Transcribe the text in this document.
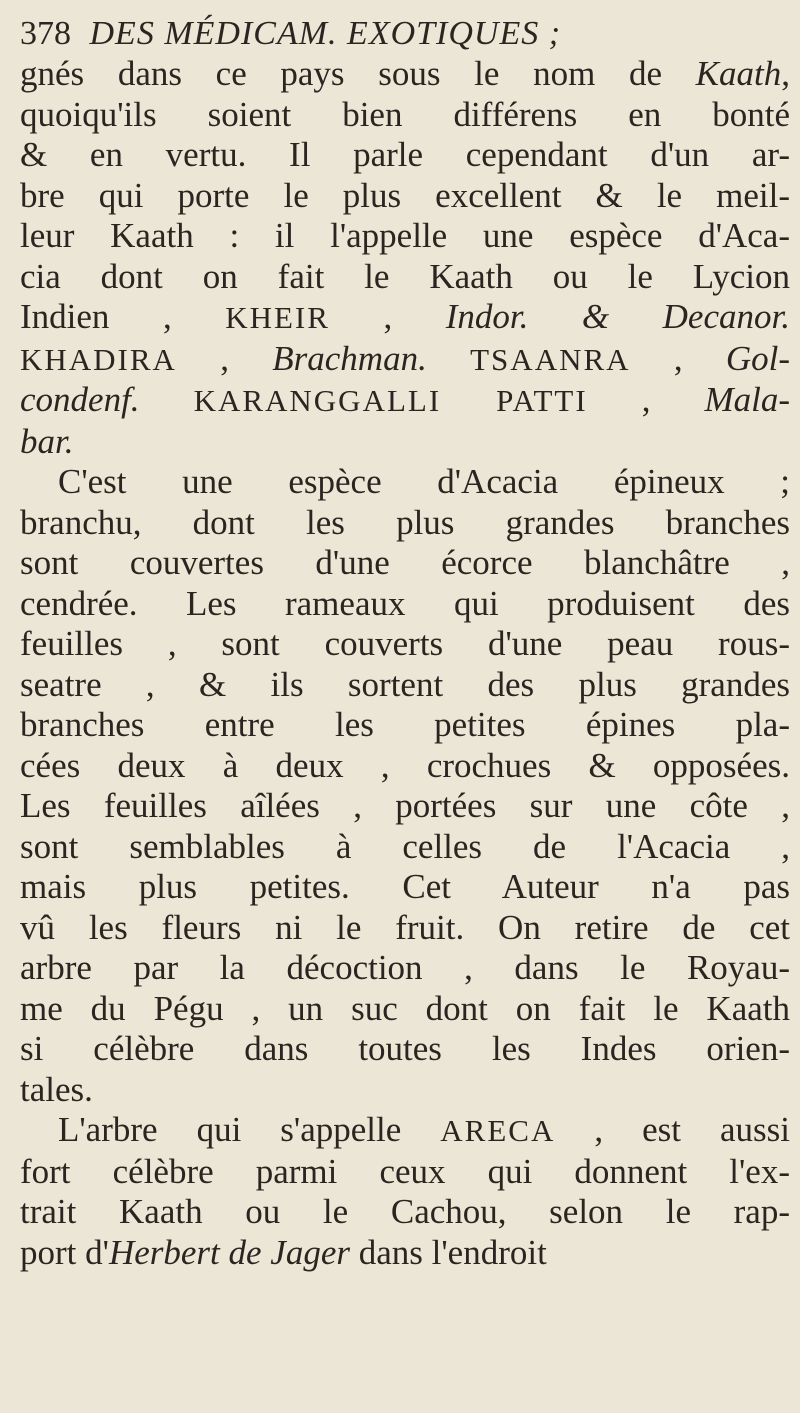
378 DES MÉDICAM. EXOTIQUES ;
gnés dans ce pays sous le nom de Kaath,
quoiqu'ils soient bien différens en bonté
& en vertu. Il parle cependant d'un ar-
bre qui porte le plus excellent & le meil-
leur Kaath : il l'appelle une espèce d'Aca-
cia dont on fait le Kaath ou le Lycion
Indien , KHEIR , Indor. & Decanor.
KHADIRA , Brachman. TSAANRA , Gol-
condenf. KARANGGALLI PATTI , Mala-
bar.
C'est une espèce d'Acacia épineux ;
branchu, dont les plus grandes branches
sont couvertes d'une écorce blanchâtre ,
cendrée. Les rameaux qui produisent des
feuilles , sont couverts d'une peau rous-
seatre , & ils sortent des plus grandes
branches entre les petites épines pla-
cées deux à deux , crochues & opposées.
Les feuilles aîlées , portées sur une côte ,
sont semblables à celles de l'Acacia ,
mais plus petites. Cet Auteur n'a pas
vû les fleurs ni le fruit. On retire de cet
arbre par la décoction , dans le Royau-
me du Pégu , un suc dont on fait le Kaath
si célèbre dans toutes les Indes orien-
tales.
L'arbre qui s'appelle ARECA , est aussi
fort célèbre parmi ceux qui donnent l'ex-
trait Kaath ou le Cachou, selon le rap-
port d'Herbert de Jager dans l'endroit
